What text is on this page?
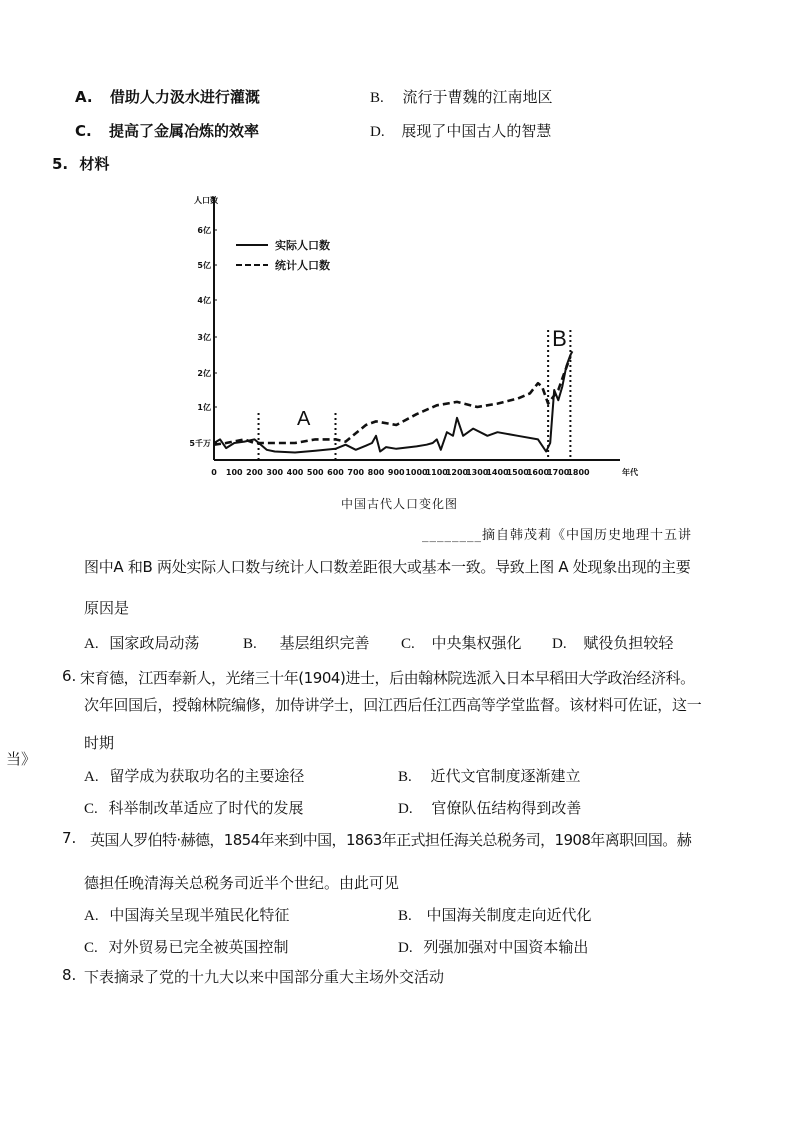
A. 借助人力汲水进行灌溉	B. 流行于曹魏的江南地区
C. 提高了金属冶炼的效率	D. 展现了中国古人的智慧
5. 材料
人口数
年代
0 100 200 300 400 500 600 700 800 900 1000
1100
1200
1300
1400
1500
1600
1700
1800
5千万
1亿
2亿
3亿
4亿
5亿
6亿
实际人口数
统计人口数
A
B
中国古代人口变化图
________摘自韩茂莉《中国历史地理十五讲
图中A 和B 两处实际人口数与统计人口数差距很大或基本一致。导致上图 A 处现象出现的主要
原因是
A. 国家政局动荡	B. 基层组织完善 C. 中央集权强化 D. 赋役负担较轻
6. 宋育德，江西奉新人，光绪三十年(1904)进士，后由翰林院选派入日本早稻田大学政治经济科。
次年回国后，授翰林院编修，加侍讲学士，回江西后任江西高等学堂监督。该材料可佐证，这一
当》
时期
A. 留学成为获取功名的主要途径	B. 近代文官制度逐渐建立
C. 科举制改革适应了时代的发展	D. 官僚队伍结构得到改善
7. 英国人罗伯特·赫德，1854年来到中国，1863年正式担任海关总税务司，1908年离职回国。赫
德担任晚清海关总税务司近半个世纪。由此可见
A. 中国海关呈现半殖民化特征	B. 中国海关制度走向近代化
C. 对外贸易已完全被英国控制	D. 列强加强对中国资本输出
8. 下表摘录了党的十九大以来中国部分重大主场外交活动
